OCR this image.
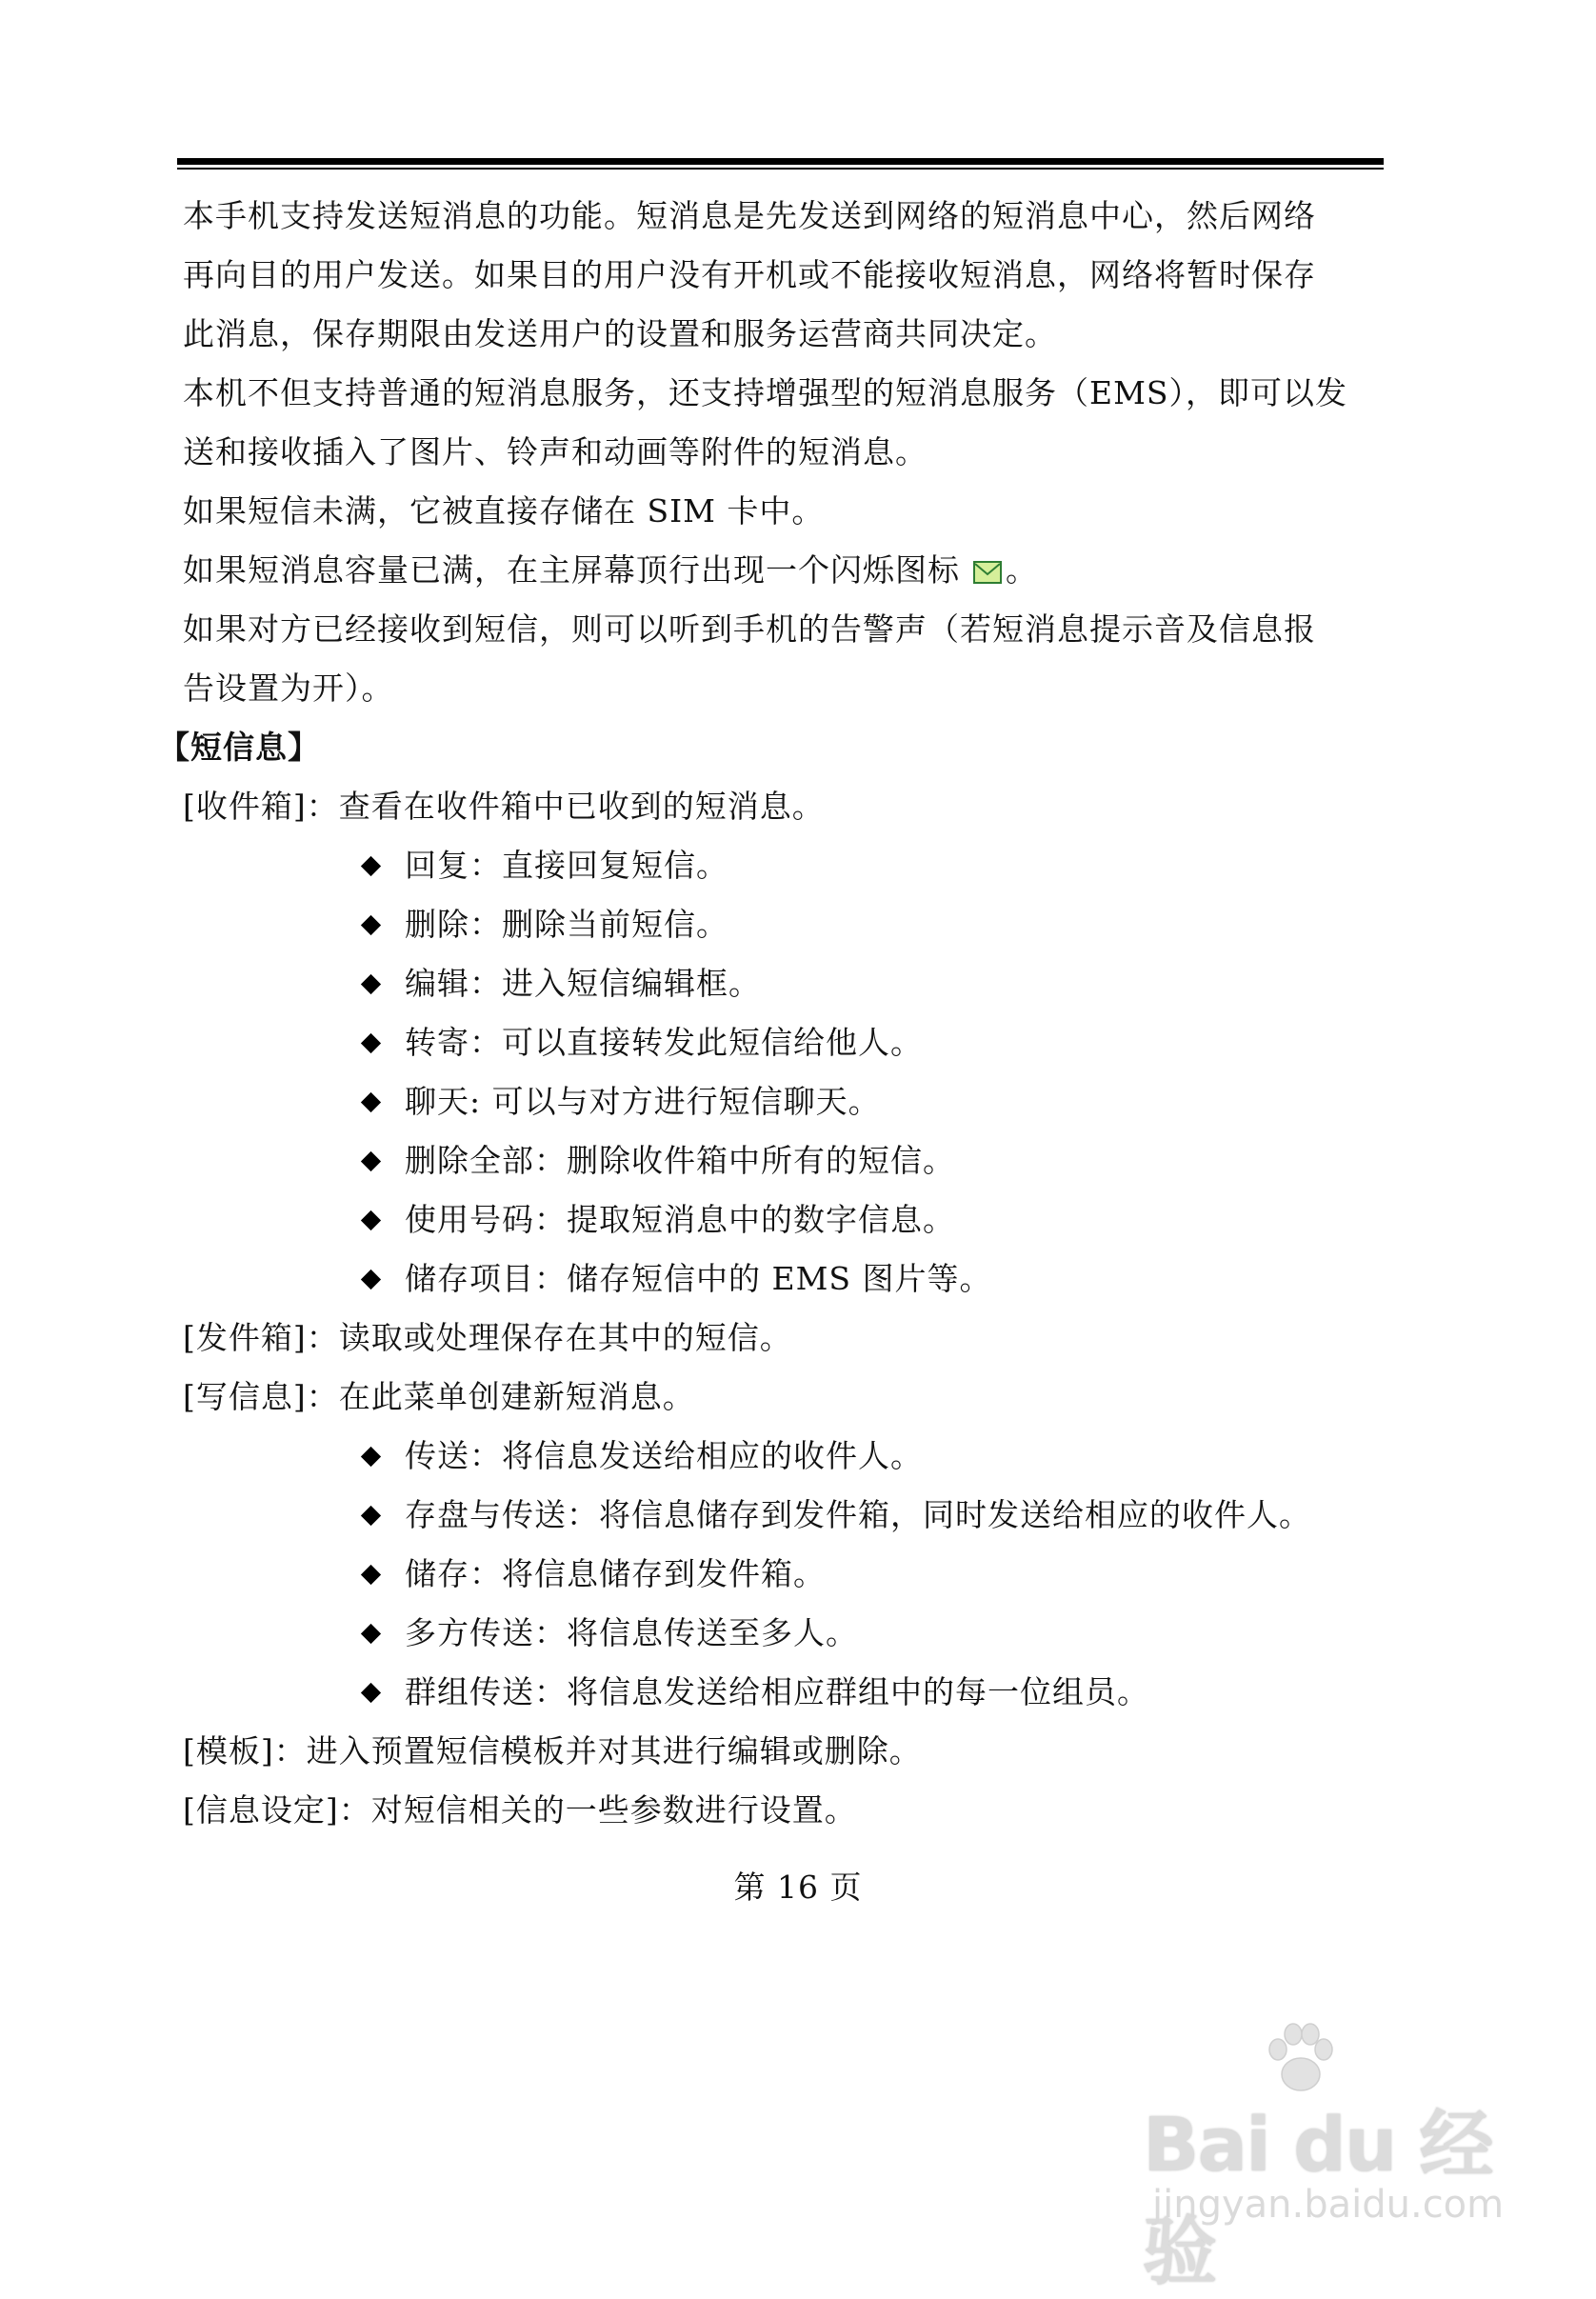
本手机支持发送短消息的功能。短消息是先发送到网络的短消息中心，然后网络
再向目的用户发送。如果目的用户没有开机或不能接收短消息，网络将暂时保存
此消息，保存期限由发送用户的设置和服务运营商共同决定。
本机不但支持普通的短消息服务，还支持增强型的短消息服务（EMS），即可以发
送和接收插入了图片、铃声和动画等附件的短消息。
如果短信未满，它被直接存储在 SIM 卡中。
如果短消息容量已满，在主屏幕顶行出现一个闪烁图标 。
如果对方已经接收到短信，则可以听到手机的告警声（若短消息提示音及信息报
告设置为开）。
【短信息】
[收件箱]：查看在收件箱中已收到的短消息。
回复：直接回复短信。
删除：删除当前短信。
编辑：进入短信编辑框。
转寄：可以直接转发此短信给他人。
聊天: 可以与对方进行短信聊天。
删除全部：删除收件箱中所有的短信。
使用号码：提取短消息中的数字信息。
储存项目：储存短信中的 EMS 图片等。
[发件箱]：读取或处理保存在其中的短信。
[写信息]：在此菜单创建新短消息。
传送：将信息发送给相应的收件人。
存盘与传送：将信息储存到发件箱，同时发送给相应的收件人。
储存：将信息储存到发件箱。
多方传送：将信息传送至多人。
群组传送：将信息发送给相应群组中的每一位组员。
[模板]：进入预置短信模板并对其进行编辑或删除。
[信息设定]：对短信相关的一些参数进行设置。
第 16 页
Bai du 经验
jingyan.baidu.com
